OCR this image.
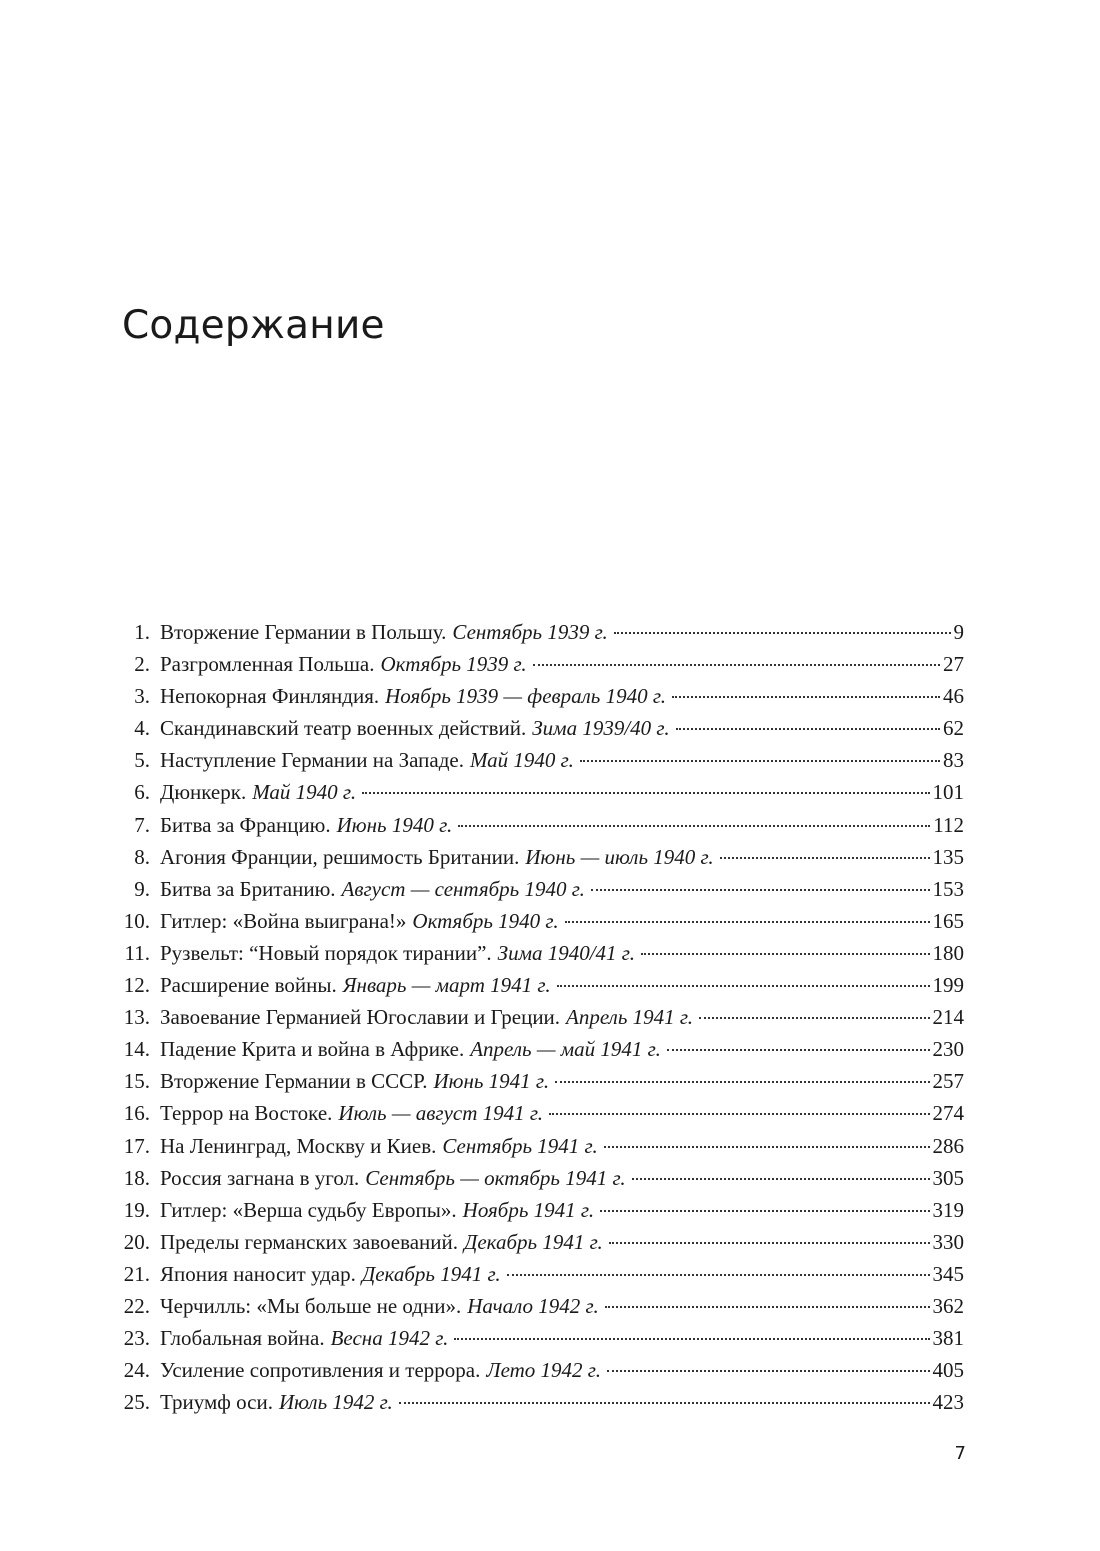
Содержание
1. Вторжение Германии в Польшу. Сентябрь 1939 г.	9
2. Разгромленная Польша. Октябрь 1939 г.	27
3. Непокорная Финляндия. Ноябрь 1939 — февраль 1940 г.	46
4. Скандинавский театр военных действий. Зима 1939/40 г.	62
5. Наступление Германии на Западе. Май 1940 г.	83
6. Дюнкерк. Май 1940 г.	101
7. Битва за Францию. Июнь 1940 г.	112
8. Агония Франции, решимость Британии. Июнь — июль 1940 г.	135
9. Битва за Британию. Август — сентябрь 1940 г.	153
10. Гитлер: «Война выиграна!» Октябрь 1940 г.	165
11. Рузвельт: “Новый порядок тирании”. Зима 1940/41 г.	180
12. Расширение войны. Январь — март 1941 г.	199
13. Завоевание Германией Югославии и Греции. Апрель 1941 г.	214
14. Падение Крита и война в Африке. Апрель — май 1941 г.	230
15. Вторжение Германии в СССР. Июнь 1941 г.	257
16. Террор на Востоке. Июль — август 1941 г.	274
17. На Ленинград, Москву и Киев. Сентябрь 1941 г.	286
18. Россия загнана в угол. Сентябрь — октябрь 1941 г.	305
19. Гитлер: «Верша судьбу Европы». Ноябрь 1941 г.	319
20. Пределы германских завоеваний. Декабрь 1941 г.	330
21. Япония наносит удар. Декабрь 1941 г.	345
22. Черчилль: «Мы больше не одни». Начало 1942 г.	362
23. Глобальная война. Весна 1942 г.	381
24. Усиление сопротивления и террора. Лето 1942 г.	405
25. Триумф оси. Июль 1942 г.	423

7
